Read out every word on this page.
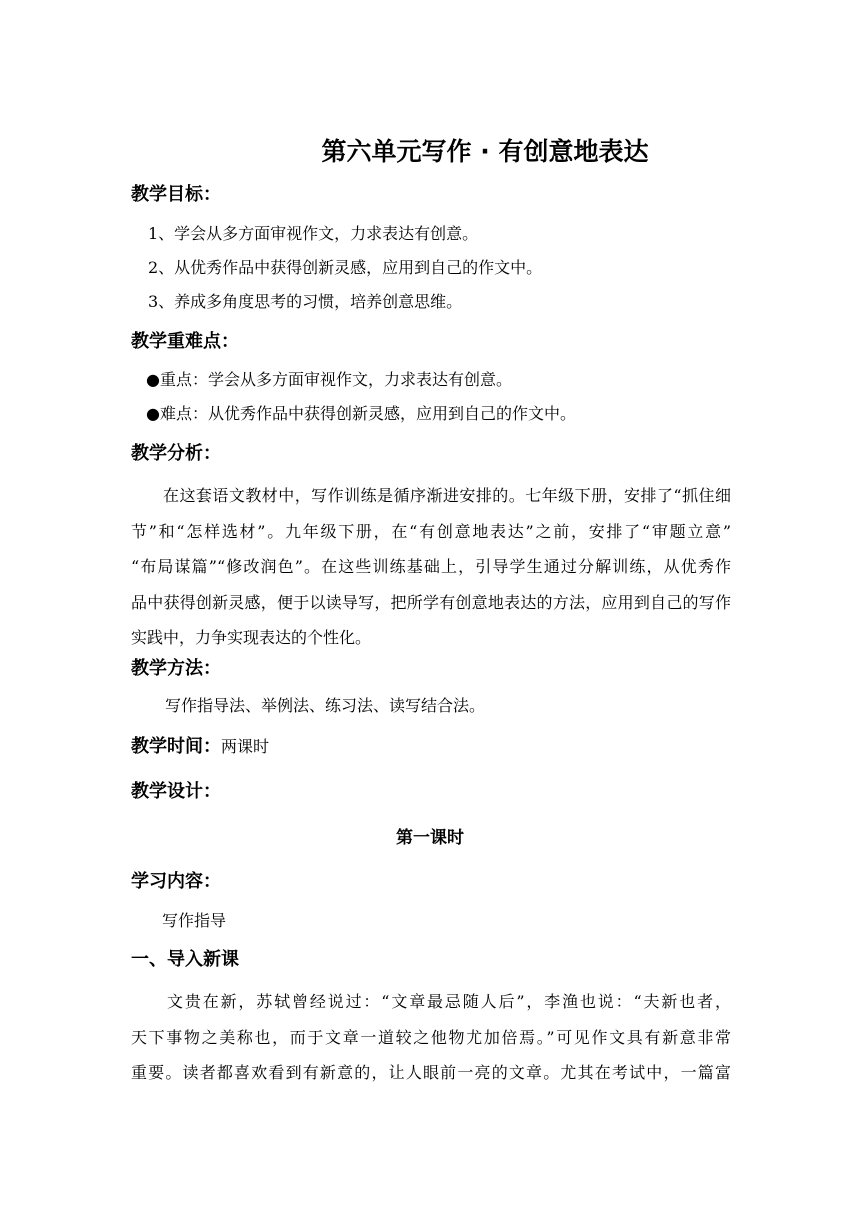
第六单元写作 · 有创意地表达
教学目标：
1、学会从多方面审视作文，力求表达有创意。
2、从优秀作品中获得创新灵感，应用到自己的作文中。
3、养成多角度思考的习惯，培养创意思维。
教学重难点：
●重点：学会从多方面审视作文，力求表达有创意。
●难点：从优秀作品中获得创新灵感，应用到自己的作文中。
教学分析：
在这套语文教材中，写作训练是循序渐进安排的。七年级下册，安排了“抓住细
节”和“怎样选材”。九年级下册，在“有创意地表达”之前，安排了“审题立意”
“布局谋篇”“修改润色”。在这些训练基础上，引导学生通过分解训练，从优秀作
品中获得创新灵感，便于以读导写，把所学有创意地表达的方法，应用到自己的写作
实践中，力争实现表达的个性化。
教学方法：
写作指导法、举例法、练习法、读写结合法。
教学时间：两课时
教学设计：
第一课时
学习内容：
写作指导
一、导入新课
文贵在新，苏轼曾经说过：“文章最忌随人后”，李渔也说：“夫新也者，
天下事物之美称也，而于文章一道较之他物尤加倍焉。”可见作文具有新意非常
重要。读者都喜欢看到有新意的，让人眼前一亮的文章。尤其在考试中，一篇富
